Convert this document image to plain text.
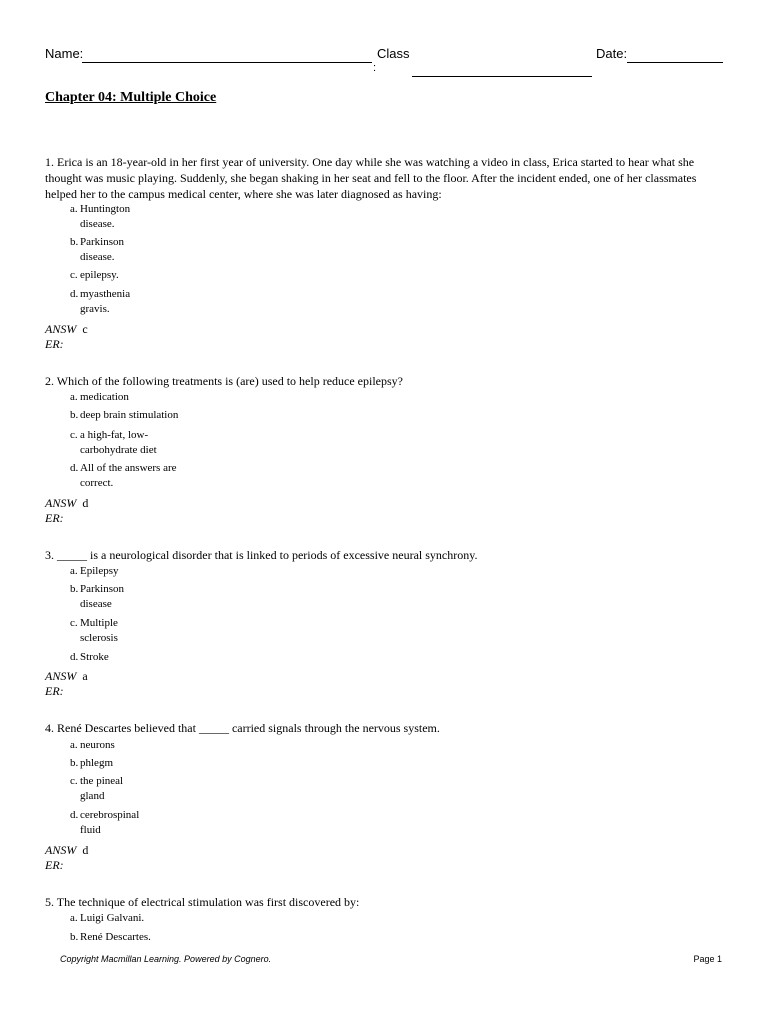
Name:	Class
:
Date:
Chapter 04: Multiple Choice
1. Erica is an 18-year-old in her first year of university. One day while she was watching a video in class, Erica started to hear what she thought was music playing. Suddenly, she began shaking in her seat and fell to the floor. After the incident ended, one of her classmates helped her to the campus medical center, where she was later diagnosed as having:
a. Huntington disease.
b. Parkinson disease.
c. epilepsy.
d. myasthenia gravis.
ANSW c
ER:
2. Which of the following treatments is (are) used to help reduce epilepsy?
a. medication
b. deep brain stimulation
c. a high-fat, low-carbohydrate diet
d. All of the answers are correct.
ANSW d
ER:
3. _____ is a neurological disorder that is linked to periods of excessive neural synchrony.
a. Epilepsy
b. Parkinson disease
c. Multiple sclerosis
d. Stroke
ANSW a
ER:
4. René Descartes believed that _____ carried signals through the nervous system.
a. neurons
b. phlegm
c. the pineal gland
d. cerebrospinal fluid
ANSW d
ER:
5. The technique of electrical stimulation was first discovered by:
a. Luigi Galvani.
b. René Descartes.
Copyright Macmillan Learning. Powered by Cognero.	Page 1
